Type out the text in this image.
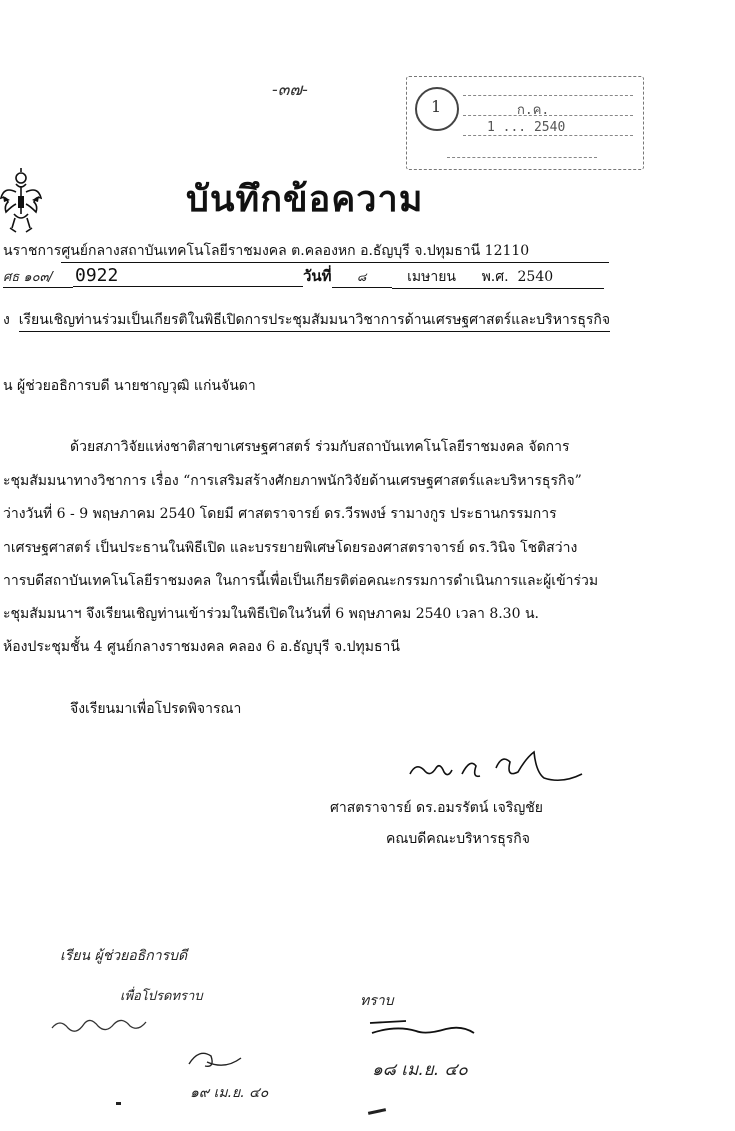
-๓๗-
1	ก.ค.
1 ... 2540
บันทึกข้อความ
นราชการศูนย์กลางสถาบันเทคโนโลยีราชมงคล ต.คลองหก อ.ธัญบุรี จ.ปทุมธานี 12110
ศธ ๑๐๓/ 0922	วันที่ ๘	เมษายน พ.ศ. 2540
ง เรียนเชิญท่านร่วมเป็นเกียรติในพิธีเปิดการประชุมสัมมนาวิชาการด้านเศรษฐศาสตร์และบริหารธุรกิจ
น ผู้ช่วยอธิการบดี นายชาญวุฒิ แก่นจันดา
ด้วยสภาวิจัยแห่งชาติสาขาเศรษฐศาสตร์ ร่วมกับสถาบันเทคโนโลยีราชมงคล จัดการ
ะชุมสัมมนาทางวิชาการ เรื่อง “การเสริมสร้างศักยภาพนักวิจัยด้านเศรษฐศาสตร์และบริหารธุรกิจ”
ว่างวันที่ 6 - 9 พฤษภาคม 2540 โดยมี ศาสตราจารย์ ดร.วีรพงษ์ รามางกูร ประธานกรรมการ
าเศรษฐศาสตร์ เป็นประธานในพิธีเปิด และบรรยายพิเศษโดยรองศาสตราจารย์ ดร.วินิจ โชติสว่าง
าารบดีสถาบันเทคโนโลยีราชมงคล ในการนี้เพื่อเป็นเกียรติต่อคณะกรรมการดำเนินการและผู้เข้าร่วม
ะชุมสัมมนาฯ จึงเรียนเชิญท่านเข้าร่วมในพิธีเปิดในวันที่ 6 พฤษภาคม 2540 เวลา 8.30 น.
ห้องประชุมชั้น 4 ศูนย์กลางราชมงคล คลอง 6 อ.ธัญบุรี จ.ปทุมธานี
จึงเรียนมาเพื่อโปรดพิจารณา
ศาสตราจารย์ ดร.อมรรัตน์ เจริญชัย
คณบดีคณะบริหารธุรกิจ
เรียน ผู้ช่วยอธิการบดี
เพื่อโปรดทราบ
๑๙ เม.ย. ๔๐
ทราบ
๑๘ เม.ย. ๔๐
